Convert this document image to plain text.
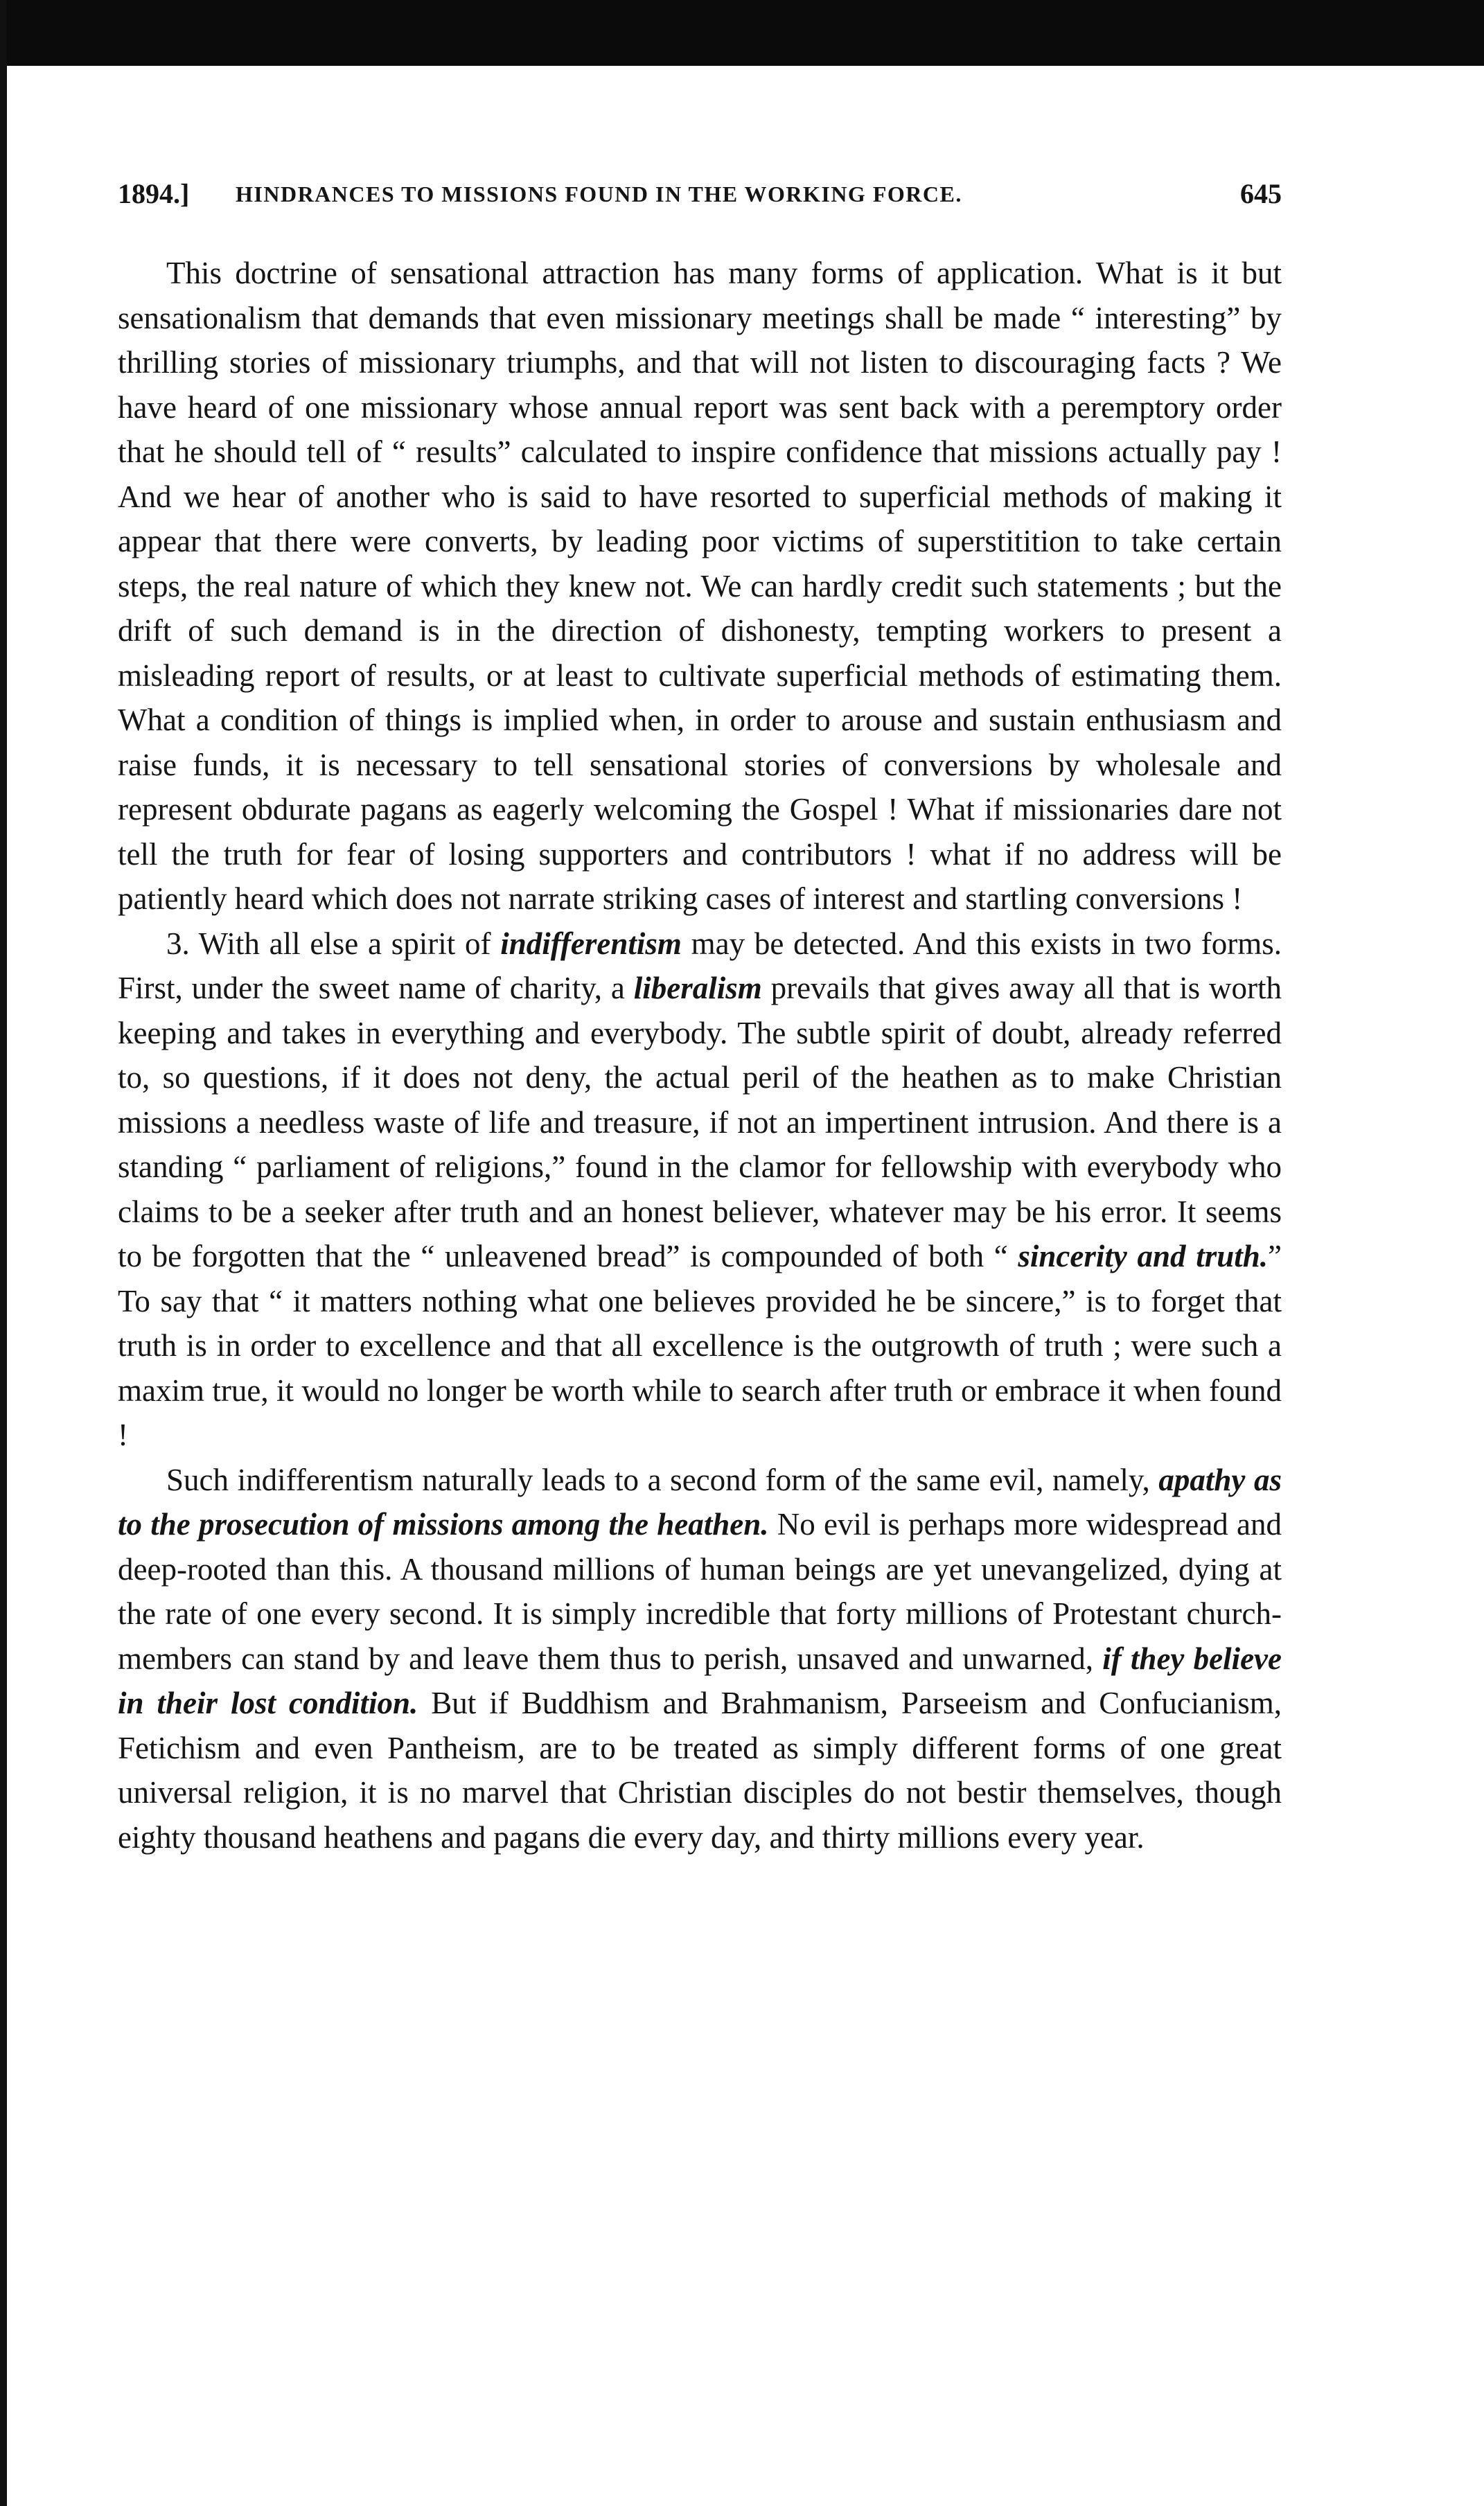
1894.] HINDRANCES TO MISSIONS FOUND IN THE WORKING FORCE.	645

This doctrine of sensational attraction has many forms of application. What is it but sensationalism that demands that even missionary meetings shall be made “ interesting” by thrilling stories of missionary triumphs, and that will not listen to discouraging facts ? We have heard of one missionary whose annual report was sent back with a peremptory order that he should tell of “ results” calculated to inspire confidence that missions actually pay ! And we hear of another who is said to have resorted to superficial methods of making it appear that there were converts, by leading poor victims of superstitition to take certain steps, the real nature of which they knew not. We can hardly credit such statements ; but the drift of such demand is in the direction of dishonesty, tempting workers to present a misleading report of results, or at least to cultivate superficial methods of estimating them. What a condition of things is implied when, in order to arouse and sustain enthusiasm and raise funds, it is necessary to tell sensational stories of conversions by wholesale and represent obdurate pagans as eagerly welcoming the Gospel ! What if missionaries dare not tell the truth for fear of losing supporters and contributors ! what if no address will be patiently heard which does not narrate striking cases of interest and startling conversions !

3. With all else a spirit of indifferentism may be detected. And this exists in two forms. First, under the sweet name of charity, a liberalism prevails that gives away all that is worth keeping and takes in everything and everybody. The subtle spirit of doubt, already referred to, so questions, if it does not deny, the actual peril of the heathen as to make Christian missions a needless waste of life and treasure, if not an impertinent intrusion. And there is a standing “ parliament of religions,” found in the clamor for fellowship with everybody who claims to be a seeker after truth and an honest believer, whatever may be his error. It seems to be forgotten that the “ unleavened bread” is compounded of both “ sincerity and truth.” To say that “ it matters nothing what one believes provided he be sincere,” is to forget that truth is in order to excellence and that all excellence is the outgrowth of truth ; were such a maxim true, it would no longer be worth while to search after truth or embrace it when found !

Such indifferentism naturally leads to a second form of the same evil, namely, apathy as to the prosecution of missions among the heathen. No evil is perhaps more widespread and deep-rooted than this. A thousand millions of human beings are yet unevangelized, dying at the rate of one every second. It is simply incredible that forty millions of Protestant church-members can stand by and leave them thus to perish, unsaved and unwarned, if they believe in their lost condition. But if Buddhism and Brahmanism, Parseeism and Confucianism, Fetichism and even Pantheism, are to be treated as simply different forms of one great universal religion, it is no marvel that Christian disciples do not bestir themselves, though eighty thousand heathens and pagans die every day, and thirty millions every year.
